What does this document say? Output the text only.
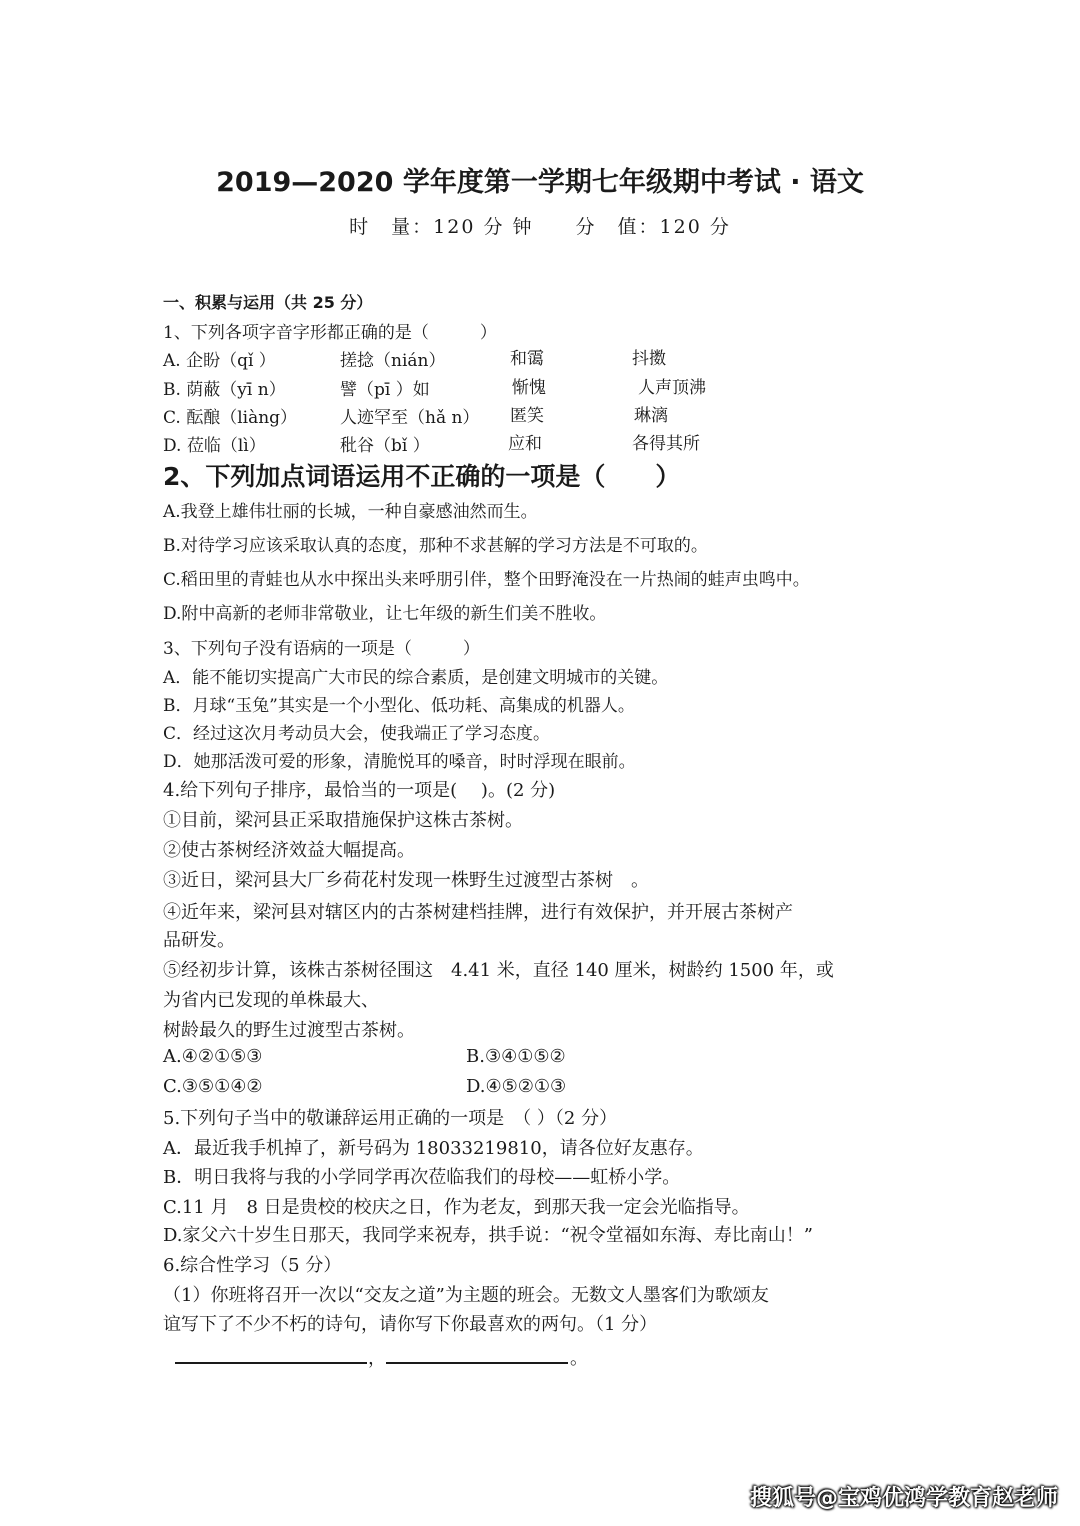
2019—2020 学年度第一学期七年级期中考试 · 语文
时　量：120 分 钟 分　值：120 分
一、积累与运用（共 25 分）
1、下列各项字音字形都正确的是（　　　）
A. 企盼（qǐ ）	搓捻（nián）	和霭	抖擞
B. 荫蔽（yī n）	譬（pī ）如	惭愧	人声顶沸
C. 酝酿（liàng）	人迹罕至（hǎ n） 匿笑	琳漓
D. 莅临（lì）	秕谷（bǐ ）	应和	各得其所
2、下列加点词语运用不正确的一项是（　　）
A.我登上雄伟壮丽的长城，一种自豪感油然而生。
B.对待学习应该采取认真的态度，那种不求甚解的学习方法是不可取的。
C.稻田里的青蛙也从水中探出头来呼朋引伴，整个田野淹没在一片热闹的蛙声虫鸣中。
D.附中高新的老师非常敬业，让七年级的新生们美不胜收。
3、下列句子没有语病的一项是（　　　）
A．能不能切实提高广大市民的综合素质，是创建文明城市的关键。
B．月球“玉兔”其实是一个小型化、低功耗、高集成的机器人。
C．经过这次月考动员大会，使我端正了学习态度。
D．她那活泼可爱的形象，清脆悦耳的嗓音，时时浮现在眼前。
4.给下列句子排序，最恰当的一项是(　 )。(2 分)
①目前，梁河县正采取措施保护这株古茶树。
②使古茶树经济效益大幅提高。
③近日，梁河县大厂乡荷花村发现一株野生过渡型古茶树　。
④近年来，梁河县对辖区内的古茶树建档挂牌，进行有效保护，并开展古茶树产
品研发。
⑤经初步计算，该株古茶树径围这　4.41 米，直径 140 厘米，树龄约 1500 年，或
为省内已发现的单株最大、
树龄最久的野生过渡型古茶树。
A.④②①⑤③	B.③④①⑤②
C.③⑤①④②	D.④⑤②①③
5.下列句子当中的敬谦辞运用正确的一项是　（ ）（2 分）
A．最近我手机掉了，新号码为 18033219810，请各位好友惠存。
B．明日我将与我的小学同学再次莅临我们的母校——虹桥小学。
C.11 月　8 日是贵校的校庆之日，作为老友，到那天我一定会光临指导。
D.家父六十岁生日那天，我同学来祝寿，拱手说：“祝令堂福如东海、寿比南山！”
6.综合性学习（5 分）
（1）你班将召开一次以“交友之道”为主题的班会。无数文人墨客们为歌颂友
谊写下了不少不朽的诗句，请你写下你最喜欢的两句。（1 分）
，	。
搜狐号@宝鸡优鸿学教育赵老师
